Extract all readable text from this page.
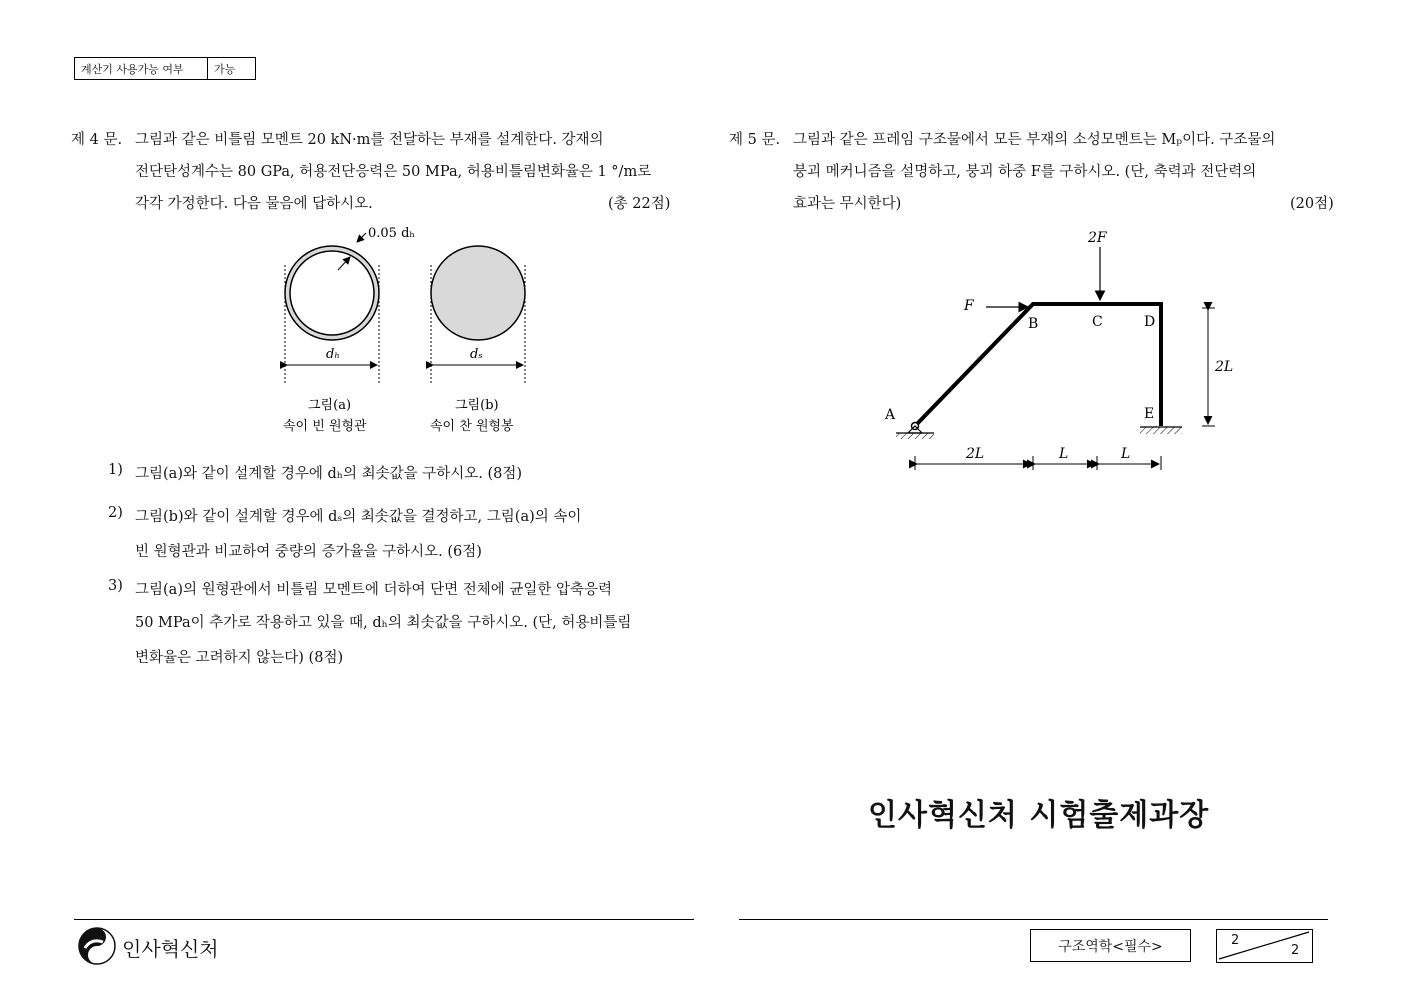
계산기 사용가능 여부	가능
제 4 문. 그림과 같은 비틀림 모멘트 20 kN·m를 전달하는 부재를 설계한다. 강재의
전단탄성계수는 80 GPa, 허용전단응력은 50 MPa, 허용비틀림변화율은 1 °/m로
각각 가정한다. 다음 물음에 답하시오.	(총 22점)
0.05 dₕ
dₕ	dₛ
그림(a)
속이 빈 원형관
그림(b)
속이 찬 원형봉
1) 그림(a)와 같이 설계할 경우에 dₕ의 최솟값을 구하시오. (8점)
2) 그림(b)와 같이 설계할 경우에 dₛ의 최솟값을 결정하고, 그림(a)의 속이
빈 원형관과 비교하여 중량의 증가율을 구하시오. (6점)
3) 그림(a)의 원형관에서 비틀림 모멘트에 더하여 단면 전체에 균일한 압축응력
50 MPa이 추가로 작용하고 있을 때, dₕ의 최솟값을 구하시오. (단, 허용비틀림
변화율은 고려하지 않는다) (8점)
제 5 문. 그림과 같은 프레임 구조물에서 모든 부재의 소성모멘트는 Mₚ이다. 구조물의
붕괴 메커니즘을 설명하고, 붕괴 하중 F를 구하시오. (단, 축력과 전단력의
효과는 무시한다)	(20점)
2F
F
A
B	C	D
E
2L
2L	L	L
인사혁신처 시험출제과장
인사혁신처	구조역학<필수>	2
2
